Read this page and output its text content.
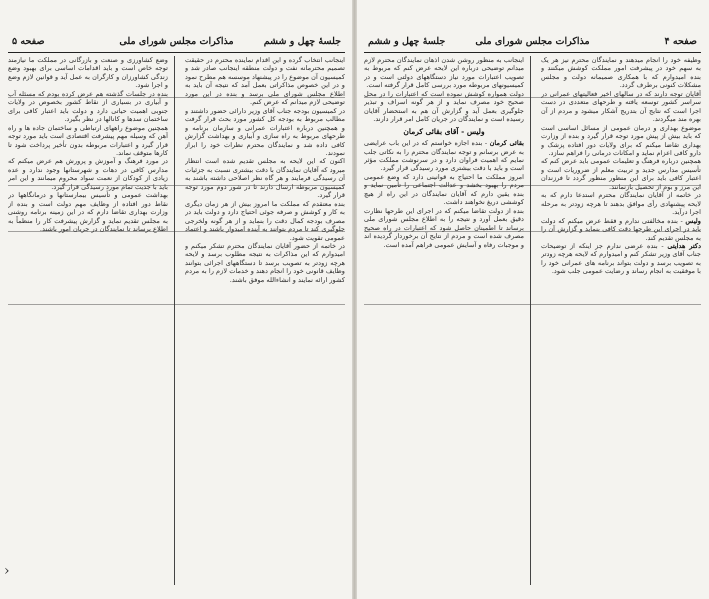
جلسهٔ چهل و ششم
مذاکرات مجلس شورای ملی
صفحه ۵

اینجانب انتخاب گرده و این اقدام نماینده محترم در حقیقت تصمیم محترمانه نفت و دولت منطقه اینجانب صادر شد و کمیسیون آن موضوع را در پیشنهاد موسسه هم مطرح نمود و در این خصوص مذاکراتی بعمل آمد که نتیجه آن باید به اطلاع مجلس شورای ملی برسد و بنده در این مورد توضیحی لازم میدانم که عرض کنم.

در کمیسیون بودجه جناب آقای وزیر دارائی حضور داشتند و مطالب مربوط به بودجه کل کشور مورد بحث قرار گرفت و همچنین درباره اعتبارات عمرانی و سازمان برنامه و طرحهای مربوط به راه سازی و آبیاری و بهداشت گزارش کافی داده شد و نمایندگان محترم نظرات خود را ابراز نمودند.

اکنون که این لایحه به مجلس تقدیم شده است انتظار میرود که آقایان نمایندگان با دقت بیشتری نسبت به جزئیات آن رسیدگی فرمایند و هر گاه نظر اصلاحی داشته باشند به کمیسیون مربوطه ارسال دارند تا در شور دوم مورد توجه قرار گیرد.

بنده معتقدم که مملکت ما امروز بیش از هر زمان دیگری به کار و کوشش و صرفه جوئی احتیاج دارد و دولت باید در مصرف بودجه کمال دقت را بنماید و از هر گونه ولخرجی جلوگیری کند تا مردم بتوانند به آینده امیدوار باشند و اعتماد عمومی تقویت شود.

در خاتمه از حضور آقایان نمایندگان محترم تشکر میکنم و امیدوارم که این مذاکرات به نتیجه مطلوب برسد و لایحه هرچه زودتر به تصویب برسد تا دستگاههای اجرائی بتوانند وظایف قانونی خود را انجام دهند و خدمات لازم را به مردم کشور ارائه نمایند و انشاءالله موفق باشند.

وضع کشاورزی و صنعت و بازرگانی در مملکت ما نیازمند توجه خاص است و باید اقدامات اساسی برای بهبود وضع زندگی کشاورزان و کارگران به عمل آید و قوانین لازم وضع و اجرا شود.

بنده در جلسات گذشته هم عرض کرده بودم که مسئله آب و آبیاری در بسیاری از نقاط کشور بخصوص در ولایات جنوبی اهمیت حیاتی دارد و دولت باید اعتبار کافی برای ساختمان سدها و کانالها در نظر بگیرد.

همچنین موضوع راههای ارتباطی و ساختمان جاده ها و راه آهن که وسیله مهم پیشرفت اقتصادی است باید مورد توجه قرار گیرد و اعتبارات مربوطه بدون تأخیر پرداخت شود تا کارها متوقف نماند.

در مورد فرهنگ و آموزش و پرورش هم عرض میکنم که مدارس کافی در دهات و شهرستانها وجود ندارد و عده زیادی از کودکان از نعمت سواد محروم میمانند و این امر باید با جدیت تمام مورد رسیدگی قرار گیرد.

بهداشت عمومی و تأسیس بیمارستانها و درمانگاهها در نقاط دور افتاده از وظایف مهم دولت است و بنده از وزارت بهداری تقاضا دارم که در این زمینه برنامه روشنی به مجلس تقدیم نماید و گزارش پیشرفت کار را منظماً به اطلاع برساند تا نمایندگان در جریان امور باشند.

صفحه ۴
مذاکرات مجلس شورای ملی
جلسهٔ چهل و ششم

وظیفه خود را انجام میدهند و نمایندگان محترم نیز هر یک به سهم خود در پیشرفت امور مملکت کوشش میکنند و بنده امیدوارم که با همکاری صمیمانه دولت و مجلس مشکلات کنونی برطرف گردد.

آقایان توجه دارند که در سالهای اخیر فعالیتهای عمرانی در سراسر کشور توسعه یافته و طرحهای متعددی در دست اجرا است که نتایج آن بتدریج آشکار میشود و مردم از آن بهره مند میگردند.

موضوع بهداری و درمان عمومی از مسائل اساسی است که باید بیش از پیش مورد توجه قرار گیرد و بنده از وزارت بهداری تقاضا میکنم که برای ولایات دور افتاده پزشک و دارو کافی اعزام نماید و امکانات درمانی را فراهم سازد.

همچنین درباره فرهنگ و تعلیمات عمومی باید عرض کنم که تأسیس مدارس جدید و تربیت معلم از ضروریات است و اعتبار کافی باید برای این منظور منظور گردد تا فرزندان این مرز و بوم از تحصیل بازنمانند.

در خاتمه از آقایان نمایندگان محترم استدعا دارم که به لایحه پیشنهادی رأی موافق بدهند تا هرچه زودتر به مرحله اجرا درآید.

ولیس - بنده مخالفتی ندارم و فقط عرض میکنم که دولت باید در اجرای این طرحها دقت کافی بنماید و گزارش آن را به مجلس تقدیم کند.

دکتر هدایتی - بنده عرضی ندارم جز اینکه از توضیحات جناب آقای وزیر تشکر کنم و امیدوارم که لایحه هرچه زودتر به تصویب برسد و دولت بتواند برنامه های عمرانی خود را با موفقیت به انجام رساند و رضایت عمومی جلب شود.

اینجانب به منظور روشن شدن اذهان نمایندگان محترم لازم میدانم توضیحی درباره این لایحه عرض کنم که مربوط به تصویب اعتبارات مورد نیاز دستگاههای دولتی است و در کمیسیونهای مربوطه مورد بررسی کامل قرار گرفته است.

دولت همواره کوشش نموده است که اعتبارات را در محل صحیح خود مصرف نماید و از هر گونه اسراف و تبذیر جلوگیری بعمل آید و گزارش آن هم به استحضار آقایان رسیده است و نمایندگان در جریان کامل امر قرار دارند.

ولیس - آقای بقائی کرمان

بقائی کرمان - بنده اجازه خواستم که در این باب عرایضی به عرض برسانم و توجه نمایندگان محترم را به نکاتی جلب نمایم که اهمیت فراوان دارد و در سرنوشت مملکت مؤثر است و باید با دقت بیشتری مورد رسیدگی قرار گیرد.

امروز مملکت ما احتیاج به قوانینی دارد که وضع عمومی مردم را بهبود بخشد و عدالت اجتماعی را تأمین نماید و بنده یقین دارم که آقایان نمایندگان در این راه از هیچ کوششی دریغ نخواهند داشت.

بنده از دولت تقاضا میکنم که در اجرای این طرحها نظارت دقیق بعمل آورد و نتیجه را به اطلاع مجلس شورای ملی برساند تا اطمینان حاصل شود که اعتبارات در راه صحیح مصرف شده است و مردم از نتایج آن برخوردار گردیده اند و موجبات رفاه و آسایش عمومی فراهم آمده است.

›
